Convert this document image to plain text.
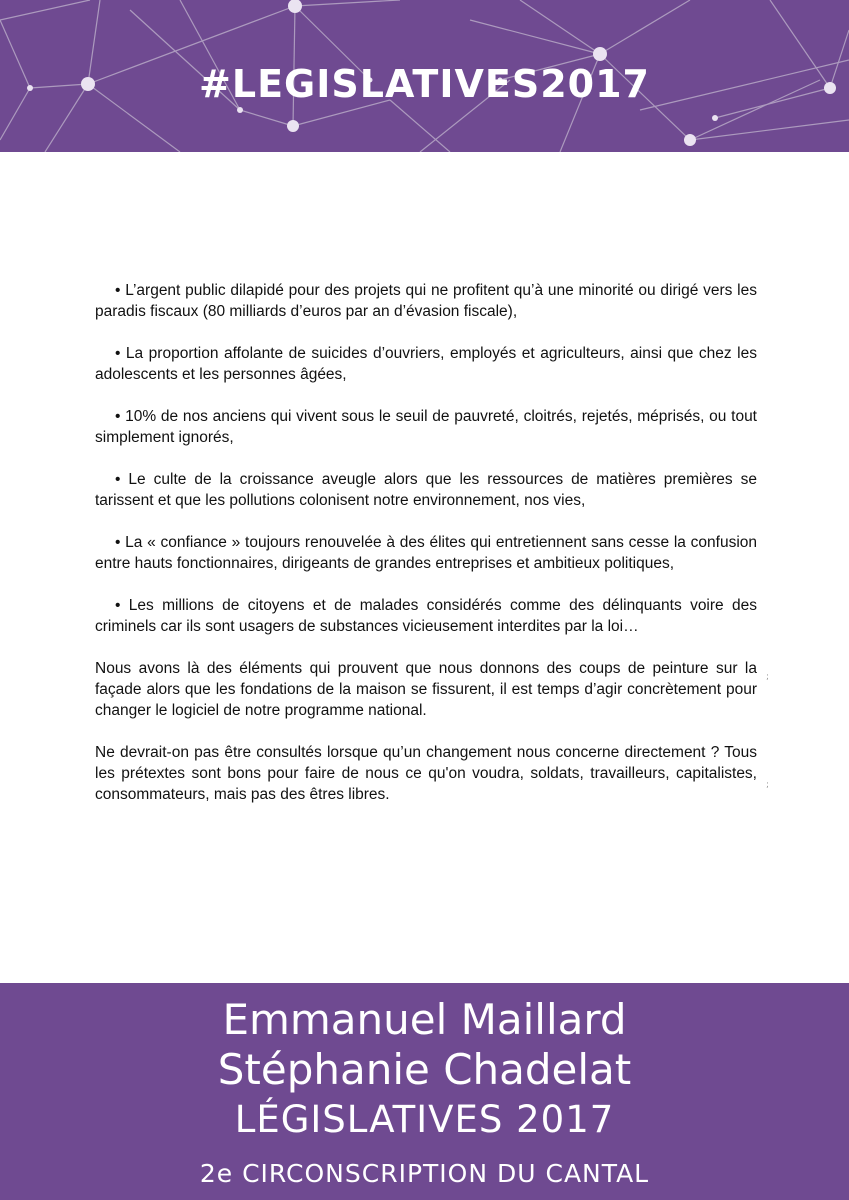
#LEGISLATIVES2017

• L’argent public dilapidé pour des projets qui ne profitent qu’à une minorité ou dirigé vers les paradis fiscaux (80 milliards d’euros par an d’évasion fiscale),

• La proportion affolante de suicides d’ouvriers, employés et agriculteurs, ainsi que chez les adolescents et les personnes âgées,

• 10% de nos anciens qui vivent sous le seuil de pauvreté, cloitrés, rejetés, méprisés, ou tout simplement ignorés,

• Le culte de la croissance aveugle alors que les ressources de matières premières se tarissent et que les pollutions colonisent notre environnement, nos vies,

• La « confiance » toujours renouvelée à des élites qui entretiennent sans cesse la confusion entre hauts fonctionnaires, dirigeants de grandes entreprises et ambitieux politiques,

• Les millions de citoyens et de malades considérés comme des délinquants voire des criminels car ils sont usagers de substances vicieusement interdites par la loi…

Nous avons là des éléments qui prouvent que nous donnons des coups de peinture sur la façade alors que les fondations de la maison se fissurent, il est temps d’agir concrètement pour changer le logiciel de notre programme national.

Ne devrait-on pas être consultés lorsque qu’un changement nous concerne directement ? Tous les prétextes sont bons pour faire de nous ce qu'on voudra, soldats, travailleurs, capitalistes, consommateurs, mais pas des êtres libres.

;
;
Emmanuel Maillard
Stéphanie Chadelat
LÉGISLATIVES 2017
2e CIRCONSCRIPTION DU CANTAL
